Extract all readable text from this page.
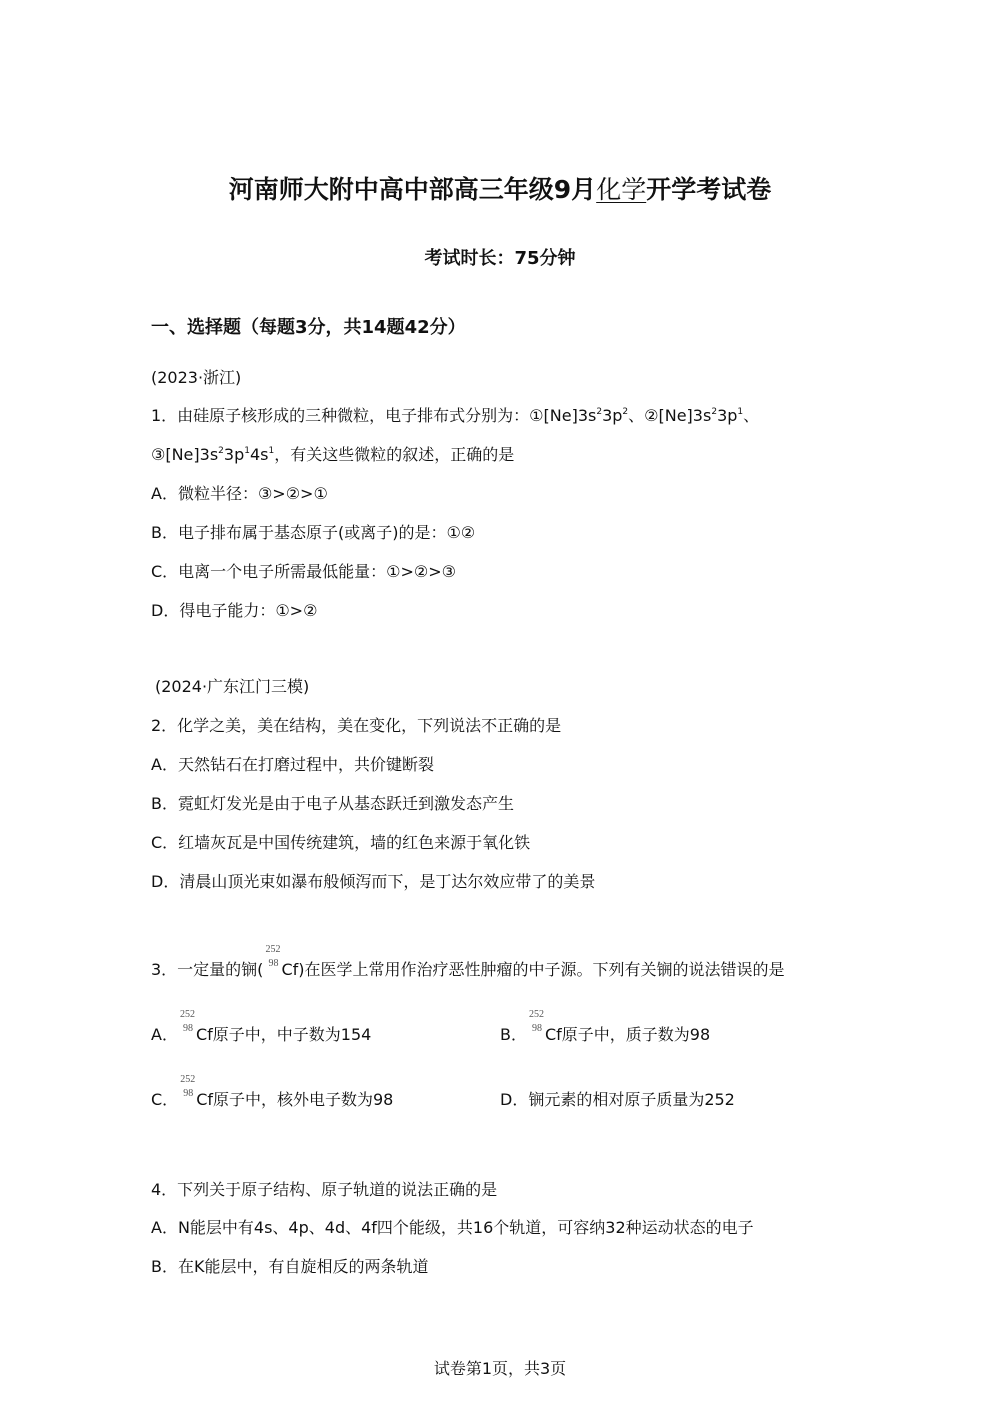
河南师大附中高中部高三年级9月化学开学考试卷
考试时长：75分钟
一、选择题（每题3分，共14题42分）
(2023·浙江)
1．由硅原子核形成的三种微粒，电子排布式分别为：$①[Ne]3s^23p^2$、$②[Ne]3s^23p^1$、
$③[Ne]3s^23p^14s^1$，有关这些微粒的叙述，正确的是
A．微粒半径：③>②>①
B．电子排布属于基态原子(或离子)的是：①②
C．电离一个电子所需最低能量：①>②>③
D．得电子能力：①>②
(2024·广东江门三模)
2．化学之美，美在结构，美在变化，下列说法不正确的是
A．天然钻石在打磨过程中，共价键断裂
B．霓虹灯发光是由于电子从基态跃迁到激发态产生
C．红墙灰瓦是中国传统建筑，墙的红色来源于氧化铁
D．清晨山顶光束如瀑布般倾泻而下，是丁达尔效应带了的美景
3．一定量的锎(
252
98 Cf)在医学上常用作治疗恶性肿瘤的中子源。下列有关锎的说法错误的是
A．
252
98 Cf原子中，中子数为154	B．
252
98 Cf原子中，质子数为98
C．
252
98 Cf原子中，核外电子数为98	D．锎元素的相对原子质量为252
4．下列关于原子结构、原子轨道的说法正确的是
A．N能层中有4s、4p、4d、4f四个能级，共16个轨道，可容纳32种运动状态的电子
B．在K能层中，有自旋相反的两条轨道
试卷第1页，共3页
